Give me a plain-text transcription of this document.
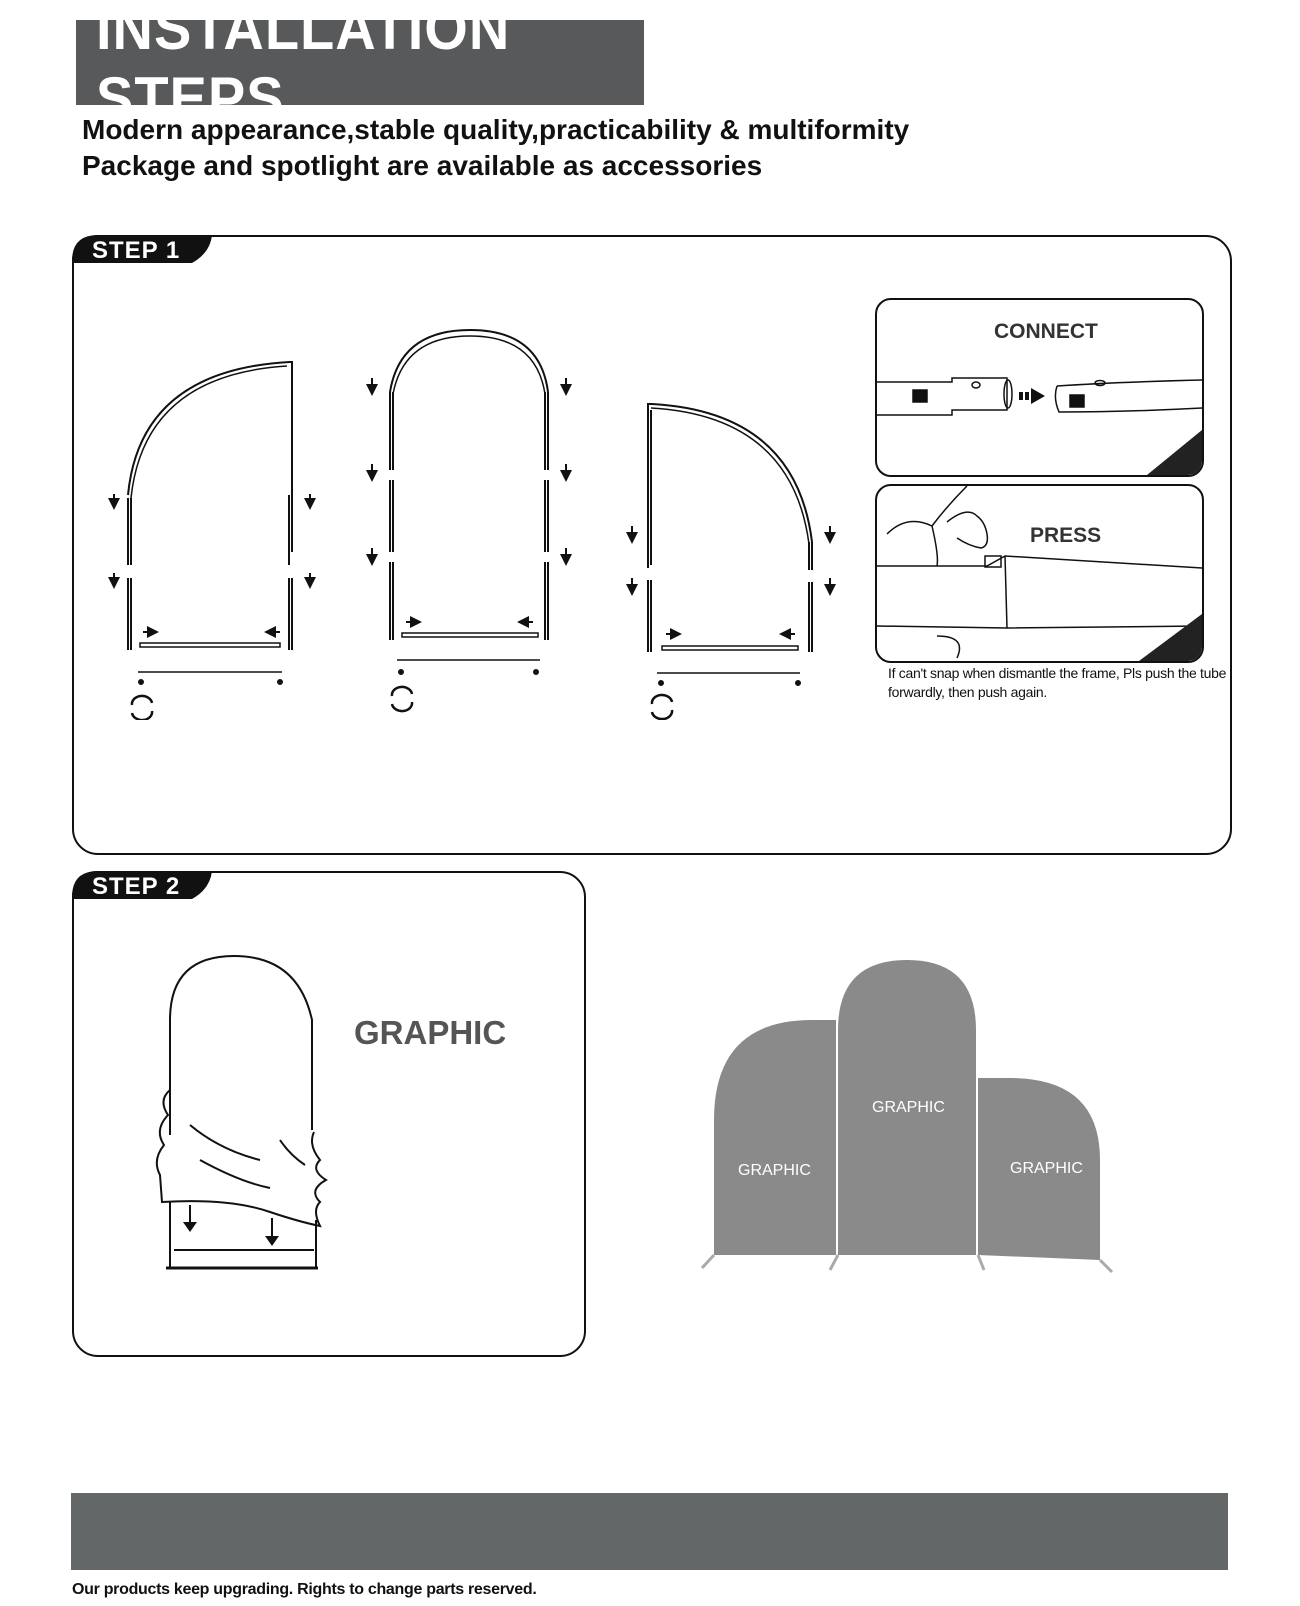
INSTALLATION STEPS
Modern appearance,stable quality,practicability & multiformity
Package and spotlight are available as accessories
STEP 1
CONNECT
PRESS
If can't snap when dismantle the frame, Pls push the tube forwardly, then push again.
STEP 2
GRAPHIC
GRAPHIC
GRAPHIC
GRAPHIC
Our products keep upgrading. Rights to change parts reserved.
